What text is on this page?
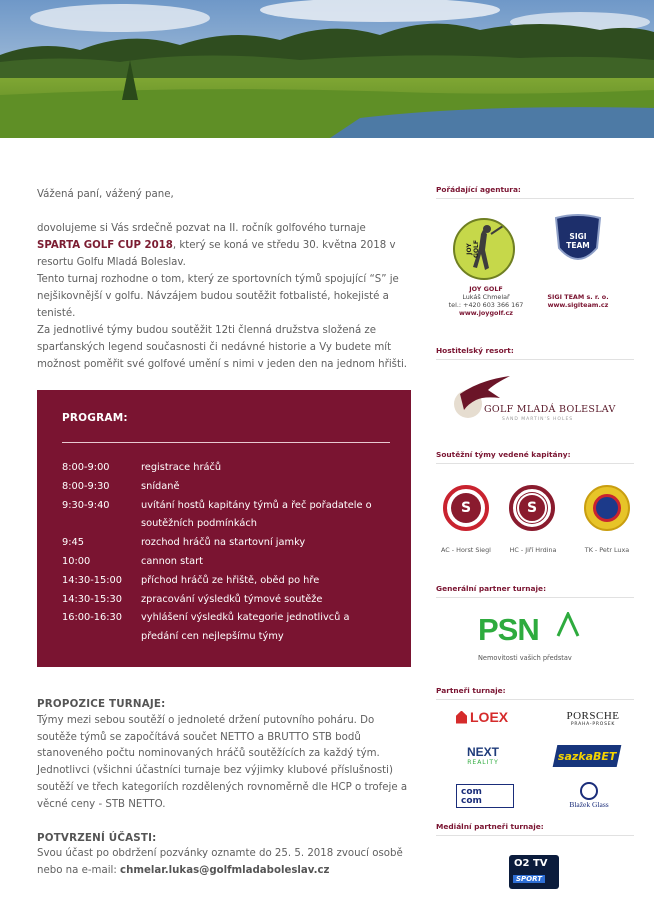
Vážená paní, vážený pane,

dovolujeme si Vás srdečně pozvat na II. ročník golfového turnaje SPARTA GOLF CUP 2018, který se koná ve středu 30. května 2018 v resortu Golfu Mladá Boleslav.

Tento turnaj rozhodne o tom, který ze sportovních týmů spojující “S” je nejšikovnější v golfu. Návzájem budou soutěžit fotbalisté, hokejisté a tenisté.

Za jednotlivé týmy budou soutěžit 12ti členná družstva složená ze sparťanských legend současnosti či nedávné historie a Vy budete mít možnost poměřit své golfové umění s nimi v jeden den na jednom hřišti.

PROGRAM:
8:00-9:00	registrace hráčů
8:00-9:30	snídaně
9:30-9:40	uvítání hostů kapitány týmů a řeč pořadatele o soutěžních podmínkách
9:45	rozchod hráčů na startovní jamky
10:00	cannon start
14:30-15:00	příchod hráčů ze hřiště, oběd po hře
14:30-15:30	zpracování výsledků týmové soutěže
16:00-16:30	vyhlášení výsledků kategorie jednotlivců a předání cen nejlepšímu týmy
PROPOZICE TURNAJE:

Týmy mezi sebou soutěží o jednoleté držení putovního poháru. Do soutěže týmů se započítává součet NETTO a BRUTTO STB bodů stanoveného počtu nominovaných hráčů soutěžících za každý tým. Jednotlivci (všichni účastníci turnaje bez výjimky klubové příslušnosti) soutěží ve třech kategoriích rozdělených rovnoměrně dle HCP o trofeje a věcné ceny - STB NETTO.

POTVRZENÍ ÚČASTI:

Svou účast po obdržení pozvánky oznamte do 25. 5. 2018 zvoucí osobě nebo na e-mail: chmelar.lukas@golfmladaboleslav.cz

Pořádající agentura:
JOY GOLF
SIGI TEAM
JOY GOLF
Lukáš Chmelař
tel.: +420 603 366 167
www.joygolf.cz
SIGI TEAM s. r. o.
www.sigiteam.cz
Hostitelský resort:
GOLF MLADÁ BOLESLAV
SAND MARTIN'S HOLES
Soutěžní týmy vedené kapitány:
S	S
AC - Horst Siegl	HC - Jiří Hrdina	TK - Petr Luxa
Generální partner turnaje:
PSN
Nemovitosti vašich představ
Partneři turnaje:
LOEX	PORSCHE
PRAHA-PROSEK
NEXT
REALITY	sazkaBET
com com	Blažek Glass
Mediální partneři turnaje:
O2 TV
SPORT
